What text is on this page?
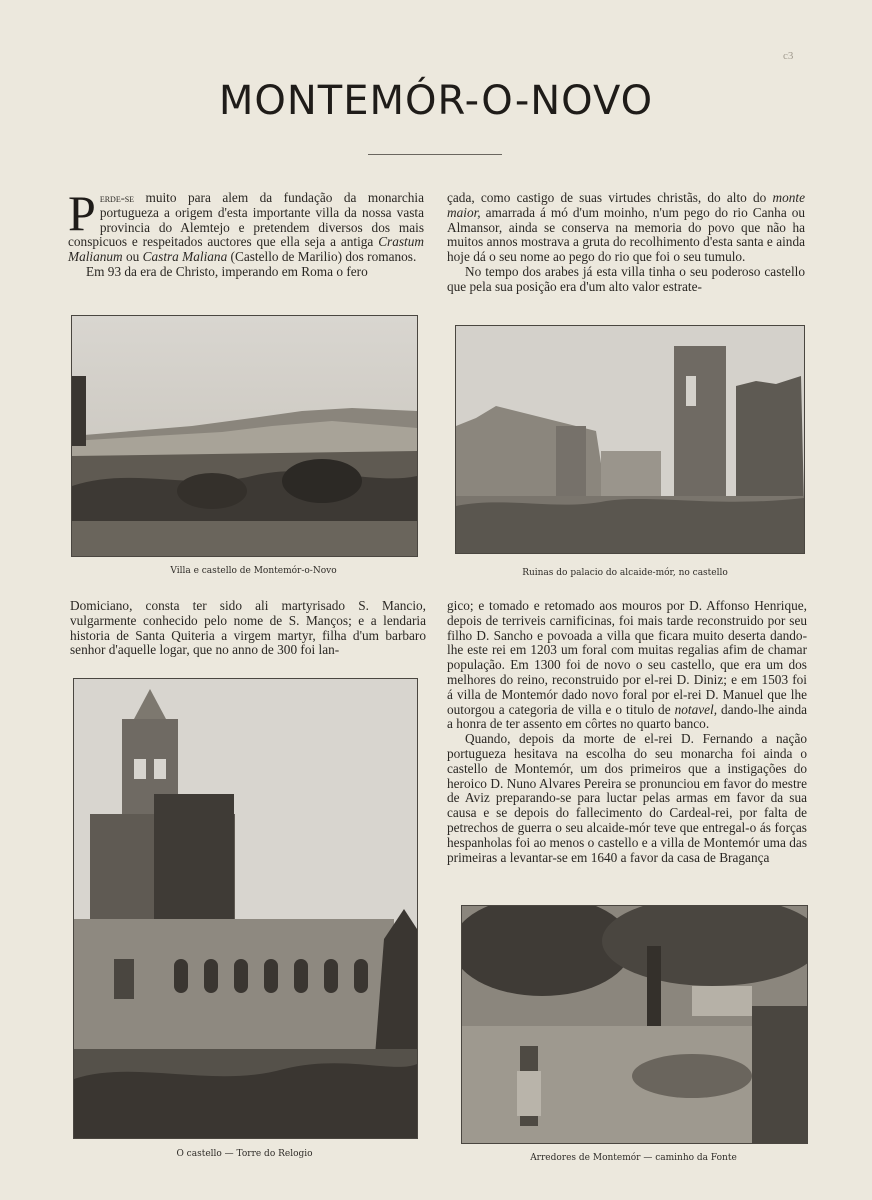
c3
MONTEMÓR-O-NOVO

Perde-se muito para alem da fundação da monarchia portugueza a origem d'esta importante villa da nossa vasta provincia do Alemtejo e pretendem diversos dos mais conspicuos e respeitados auctores que ella seja a antiga Crastum Malianum ou Castra Maliana (Castello de Marilio) dos romanos.

Em 93 da era de Christo, imperando em Roma o fero

çada, como castigo de suas virtudes christãs, do alto do monte maior, amarrada á mó d'um moinho, n'um pego do rio Canha ou Almansor, ainda se conserva na memoria do povo que não ha muitos annos mostrava a gruta do recolhimento d'esta santa e ainda hoje dá o seu nome ao pego do rio que foi o seu tumulo.

No tempo dos arabes já esta villa tinha o seu poderoso castello que pela sua posição era d'um alto valor estrate-

Villa e castello de Montemór-o-Novo	Ruinas do palacio do alcaide-mór, no castello

Domiciano, consta ter sido ali martyrisado S. Mancio, vulgarmente conhecido pelo nome de S. Manços; e a lendaria historia de Santa Quiteria a virgem martyr, filha d'um barbaro senhor d'aquelle logar, que no anno de 300 foi lan-

gico; e tomado e retomado aos mouros por D. Affonso Henrique, depois de terriveis carnificinas, foi mais tarde reconstruido por seu filho D. Sancho e povoada a villa que ficara muito deserta dando-lhe este rei em 1203 um foral com muitas regalias afim de chamar população. Em 1300 foi de novo o seu castello, que era um dos melhores do reino, reconstruido por el-rei D. Diniz; e em 1503 foi á villa de Montemór dado novo foral por el-rei D. Manuel que lhe outorgou a categoria de villa e o titulo de notavel, dando-lhe ainda a honra de ter assento em côrtes no quarto banco.

Quando, depois da morte de el-rei D. Fernando a nação portugueza hesitava na escolha do seu monarcha foi ainda o castello de Montemór, um dos primeiros que a instigações do heroico D. Nuno Alvares Pereira se pronunciou em favor do mestre de Aviz preparando-se para luctar pelas armas em favor da sua causa e se depois do fallecimento do Cardeal-rei, por falta de petrechos de guerra o seu alcaide-mór teve que entregal-o ás forças hespanholas foi ao menos o castello e a villa de Montemór uma das primeiras a levantar-se em 1640 a favor da casa de Bragança

O castello — Torre do Relogio	Arredores de Montemór — caminho da Fonte
